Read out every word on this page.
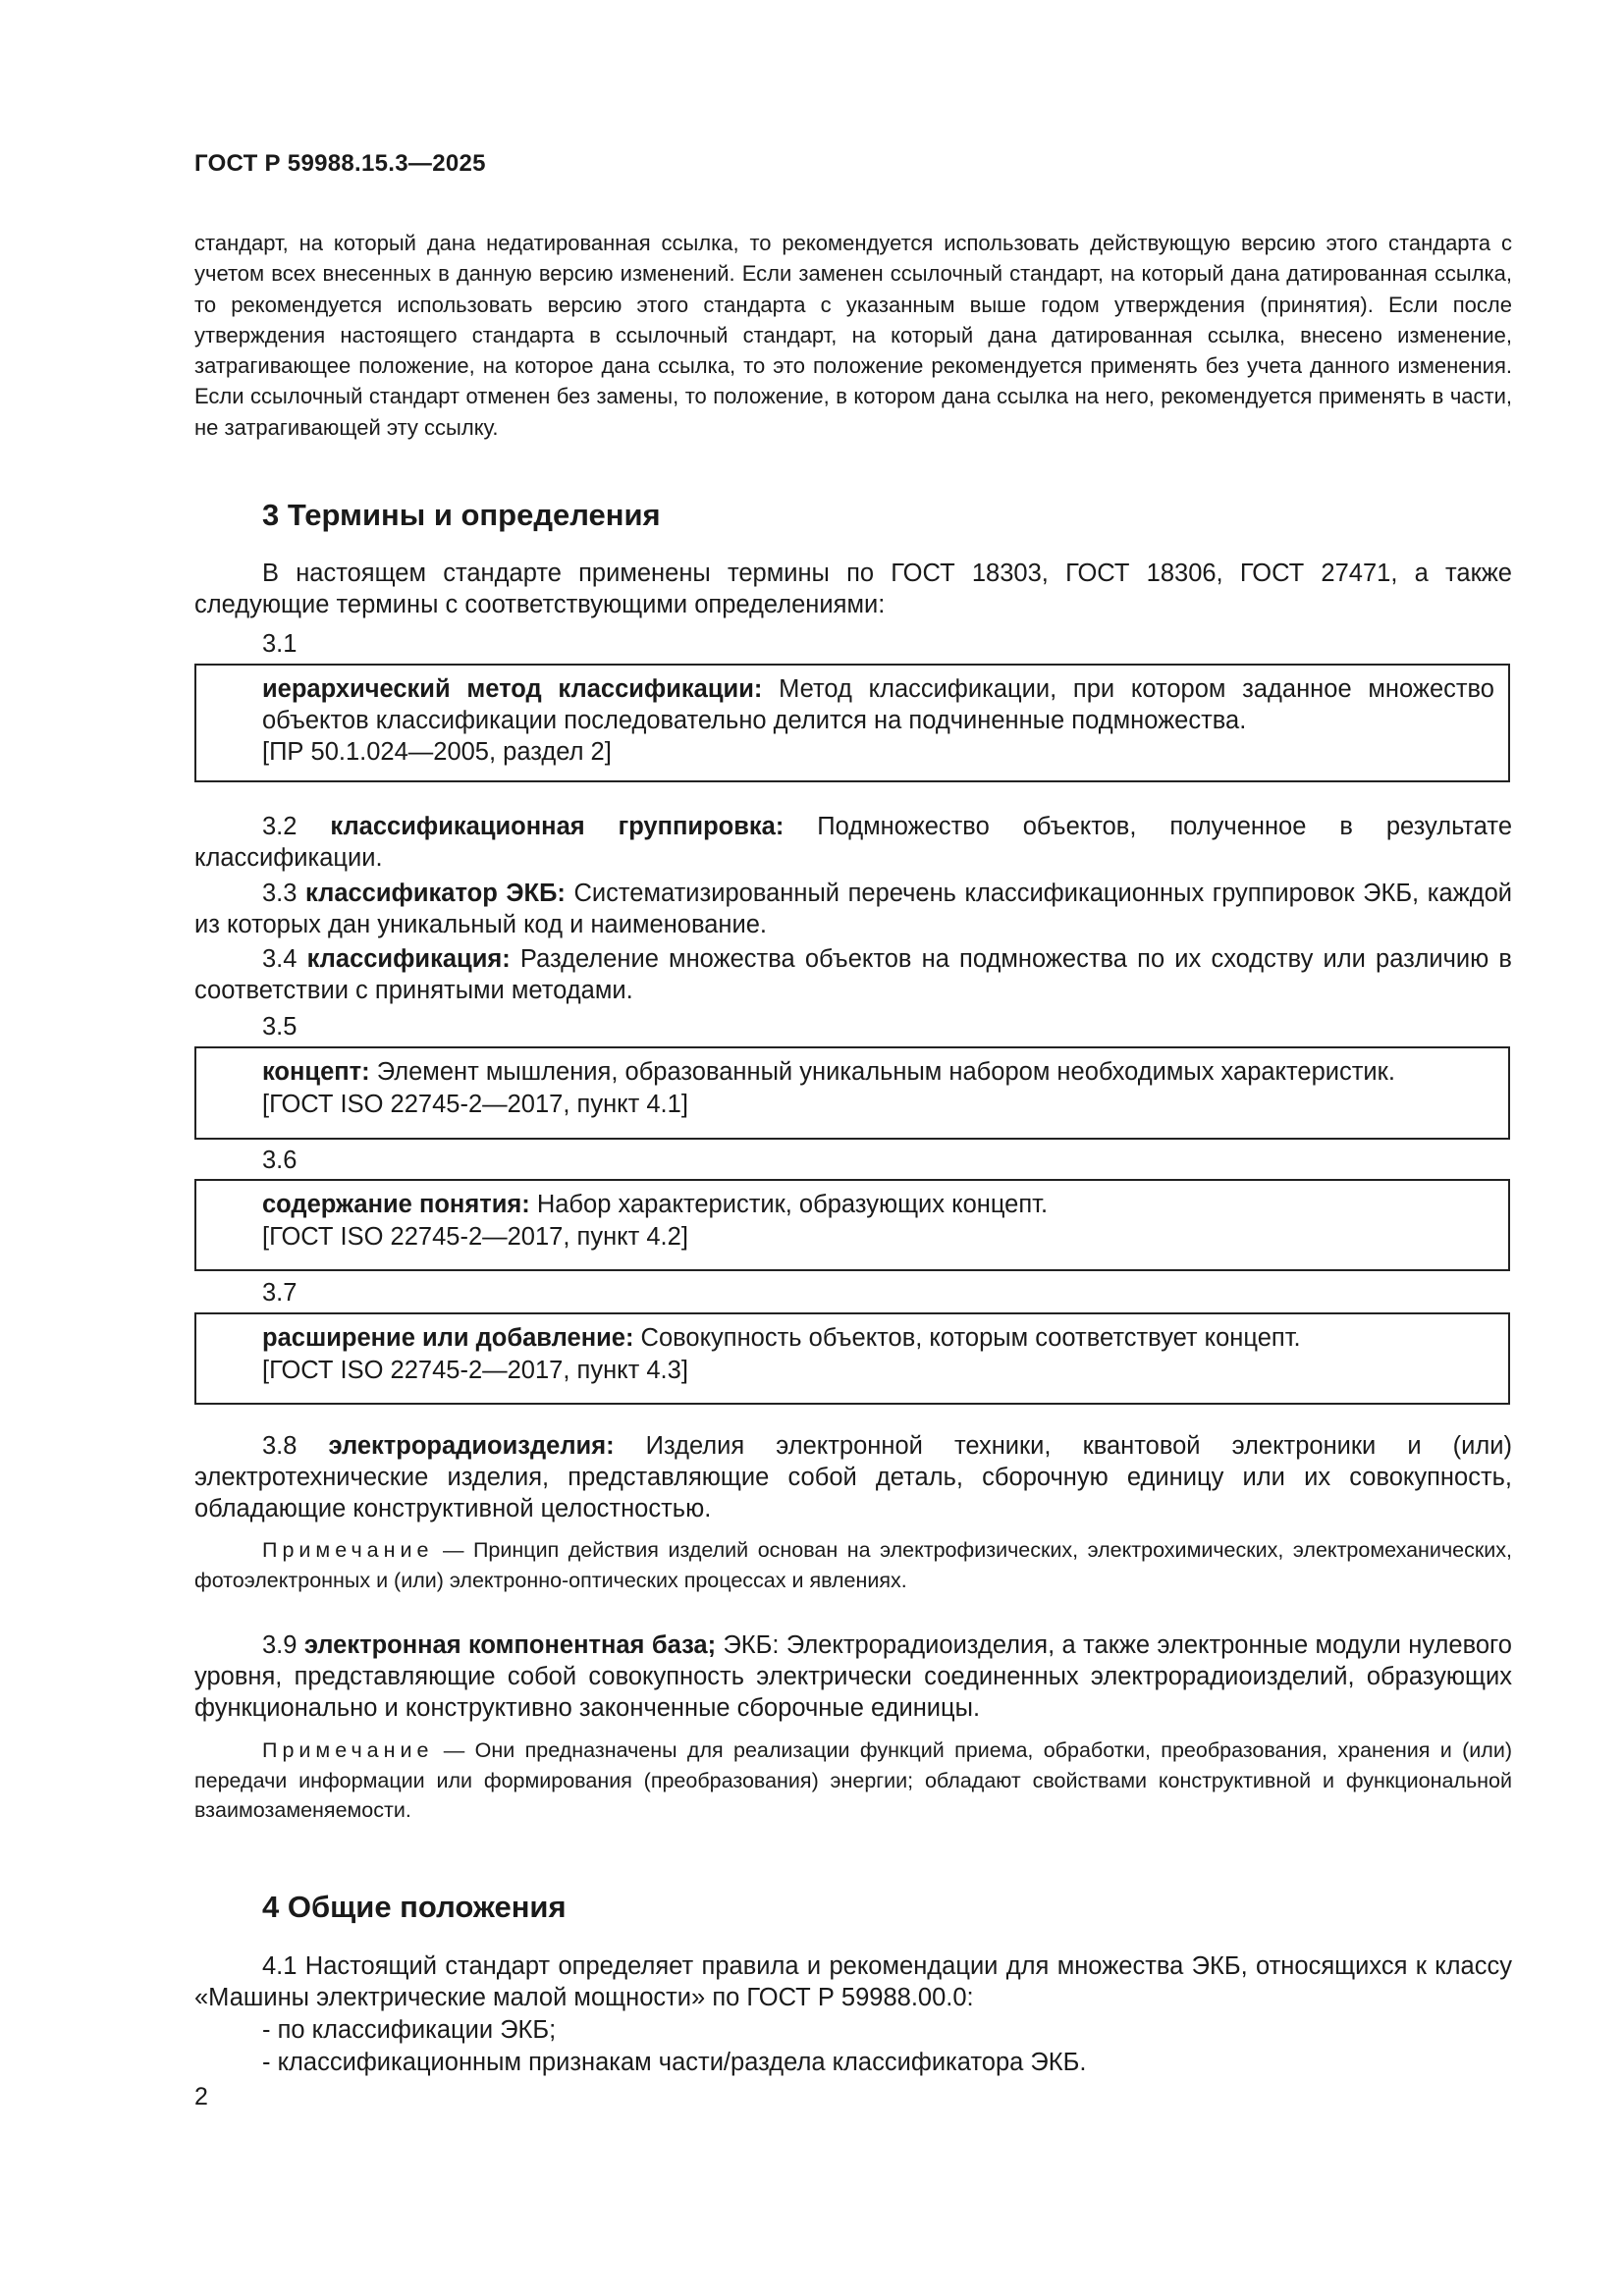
ГОСТ Р 59988.15.3—2025
стандарт, на который дана недатированная ссылка, то рекомендуется использовать действующую версию этого стандарта с учетом всех внесенных в данную версию изменений. Если заменен ссылочный стандарт, на который дана датированная ссылка, то рекомендуется использовать версию этого стандарта с указанным выше годом утверждения (принятия). Если после утверждения настоящего стандарта в ссылочный стандарт, на который дана датированная ссылка, внесено изменение, затрагивающее положение, на которое дана ссылка, то это положение рекомендуется применять без учета данного изменения. Если ссылочный стандарт отменен без замены, то положение, в котором дана ссылка на него, рекомендуется применять в части, не затрагивающей эту ссылку.
3 Термины и определения
В настоящем стандарте применены термины по ГОСТ 18303, ГОСТ 18306, ГОСТ 27471, а также следующие термины с соответствующими определениями:
3.1
иерархический метод классификации: Метод классификации, при котором заданное множество объектов классификации последовательно делится на подчиненные подмножества.
[ПР 50.1.024—2005, раздел 2]
3.2 классификационная группировка: Подмножество объектов, полученное в результате классификации.
3.3 классификатор ЭКБ: Систематизированный перечень классификационных группировок ЭКБ, каждой из которых дан уникальный код и наименование.
3.4 классификация: Разделение множества объектов на подмножества по их сходству или различию в соответствии с принятыми методами.
3.5
концепт: Элемент мышления, образованный уникальным набором необходимых характеристик.
[ГОСТ ISO 22745-2—2017, пункт 4.1]
3.6
содержание понятия: Набор характеристик, образующих концепт.
[ГОСТ ISO 22745-2—2017, пункт 4.2]
3.7
расширение или добавление: Совокупность объектов, которым соответствует концепт.
[ГОСТ ISO 22745-2—2017, пункт 4.3]
3.8 электрорадиоизделия: Изделия электронной техники, квантовой электроники и (или) электротехнические изделия, представляющие собой деталь, сборочную единицу или их совокупность, обладающие конструктивной целостностью.
Примечание — Принцип действия изделий основан на электрофизических, электрохимических, электромеханических, фотоэлектронных и (или) электронно-оптических процессах и явлениях.
3.9 электронная компонентная база; ЭКБ: Электрорадиоизделия, а также электронные модули нулевого уровня, представляющие собой совокупность электрически соединенных электрорадиоизделий, образующих функционально и конструктивно законченные сборочные единицы.
Примечание — Они предназначены для реализации функций приема, обработки, преобразования, хранения и (или) передачи информации или формирования (преобразования) энергии; обладают свойствами конструктивной и функциональной взаимозаменяемости.
4 Общие положения
4.1 Настоящий стандарт определяет правила и рекомендации для множества ЭКБ, относящихся к классу «Машины электрические малой мощности» по ГОСТ Р 59988.00.0:
- по классификации ЭКБ;
- классификационным признакам части/раздела классификатора ЭКБ.
2
